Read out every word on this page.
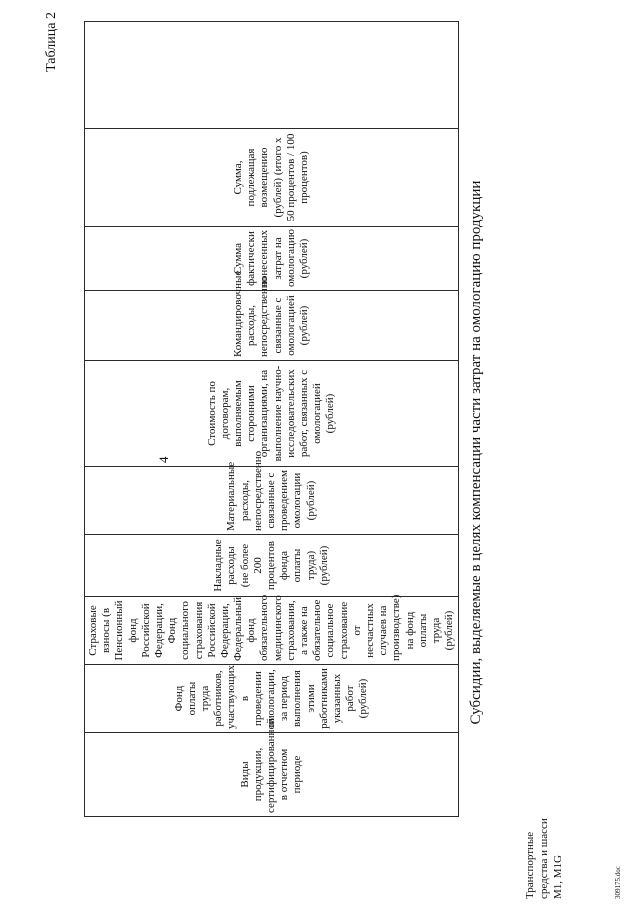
4
Таблица 2
Виды продукции, сертифицированной в отчетном периоде	Фонд оплаты труда работников, участвующих в проведении омологации, за период выполнения этими работниками указанных работ (рублей)	Страховые взносы (в Пенсионный фонд Российской Федерации, Фонд социального страхования Российской Федерации, Федеральный фонд обязательного медицинского страхования, а также на обязательное социальное страхование от несчастных случаев на производстве) на фонд оплаты труда (рублей)	Накладные расходы (не более 200 процентов фонда оплаты труда) (рублей)	Материальные расходы, непосредственно связанные с проведением омологации (рублей)	Стоимость по договорам, выполняемым сторонними организациями, на выполнение научно-исследовательских работ, связанных с омологацией (рублей)	Командировочные расходы, непосредственно связанные с омологацией (рублей)	Сумма фактически понесенных затрат на омологацию (рублей)	Сумма, подлежащая возмещению (рублей) (итого x 50 процентов / 100 процентов)	
Субсидии, выделяемые в целях компенсации части затрат на омологацию продукции
Транспортные средства и шасси M1, M1G	309175.doc
